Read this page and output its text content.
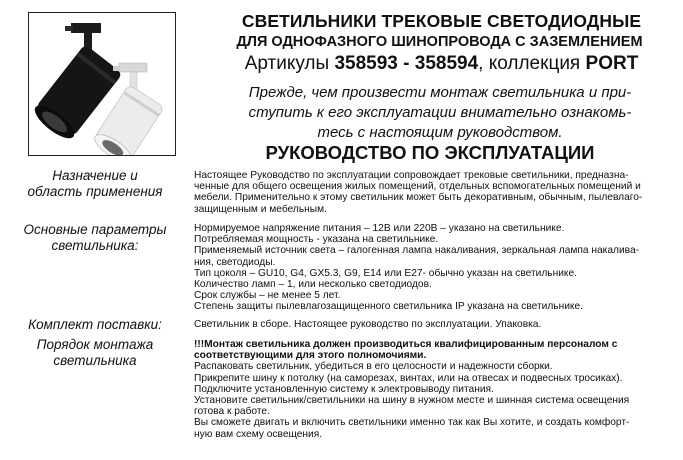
СВЕТИЛЬНИКИ ТРЕКОВЫЕ СВЕТОДИОДНЫЕ
ДЛЯ ОДНОФАЗНОГО ШИНОПРОВОДА С ЗАЗЕМЛЕНИЕМ
Артикулы 358593 - 358594, коллекция PORT
Прежде, чем произвести монтаж светильника и при-
ступить к его эксплуатации внимательно ознакомь-
тесь с настоящим руководством.
РУКОВОДСТВО ПО ЭКСПЛУАТАЦИИ
Назначение и
область применения

Настоящее Руководство по эксплуатации сопровождает трековые светильники, предназна-

ченные для общего освещения жилых помещений, отдельных вспомогательных помещений и

мебели. Применительно к этому светильник может быть декоративным, обычным, пылевлаго-

защищенным и мебельным.

Основные параметры
светильника:

Нормируемое напряжение питания – 12В или 220В – указано на светильнике.

Потребляемая мощность - указана на светильнике.

Применяемый источник света – галогенная лампа накаливания, зеркальная лампа накалива-

ния, светодиоды.

Тип цоколя – GU10, G4, GX5.3, G9, E14 или E27- обычно указан на светильнике.

Количество ламп – 1, или несколько светодиодов.

Срок службы – не менее 5 лет.

Степень защиты пылевлагозащищенного светильника IP указана на светильнике.

Комплект поставки:	Светильник в сборе. Настоящее руководство по эксплуатации. Упаковка.

Порядок монтажа
светильника

!!!Монтаж светильника должен производиться квалифицированным персоналом с

соответствующими для этого полномочиями.

Распаковать светильник, убедиться в его целосности и надежности сборки.

Прикрепите шину к потолку (на саморезах, винтах, или на отвесах и подвесных тросиках).

Подключите установленную систему к электровыводу питания.

Установите светильник/светильники на шину в нужном месте и шинная система освещения

готова к работе.

Вы сможете двигать и включить светильники именно так как Вы хотите, и создать комфорт-

ную вам схему освещения.
